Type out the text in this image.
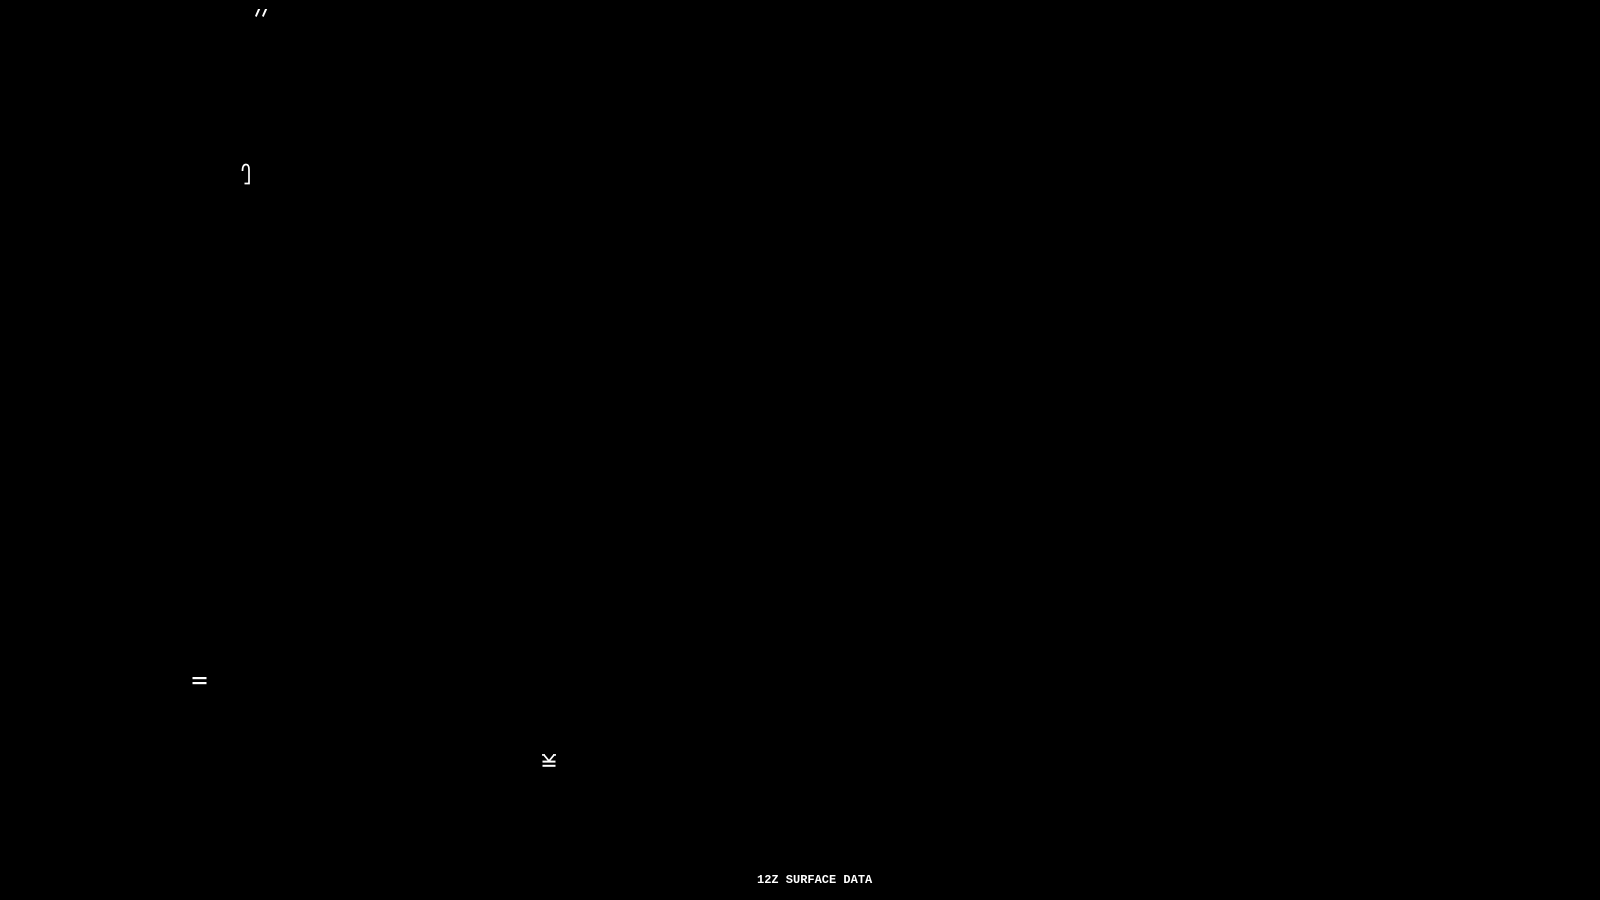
12Z SURFACE DATA
